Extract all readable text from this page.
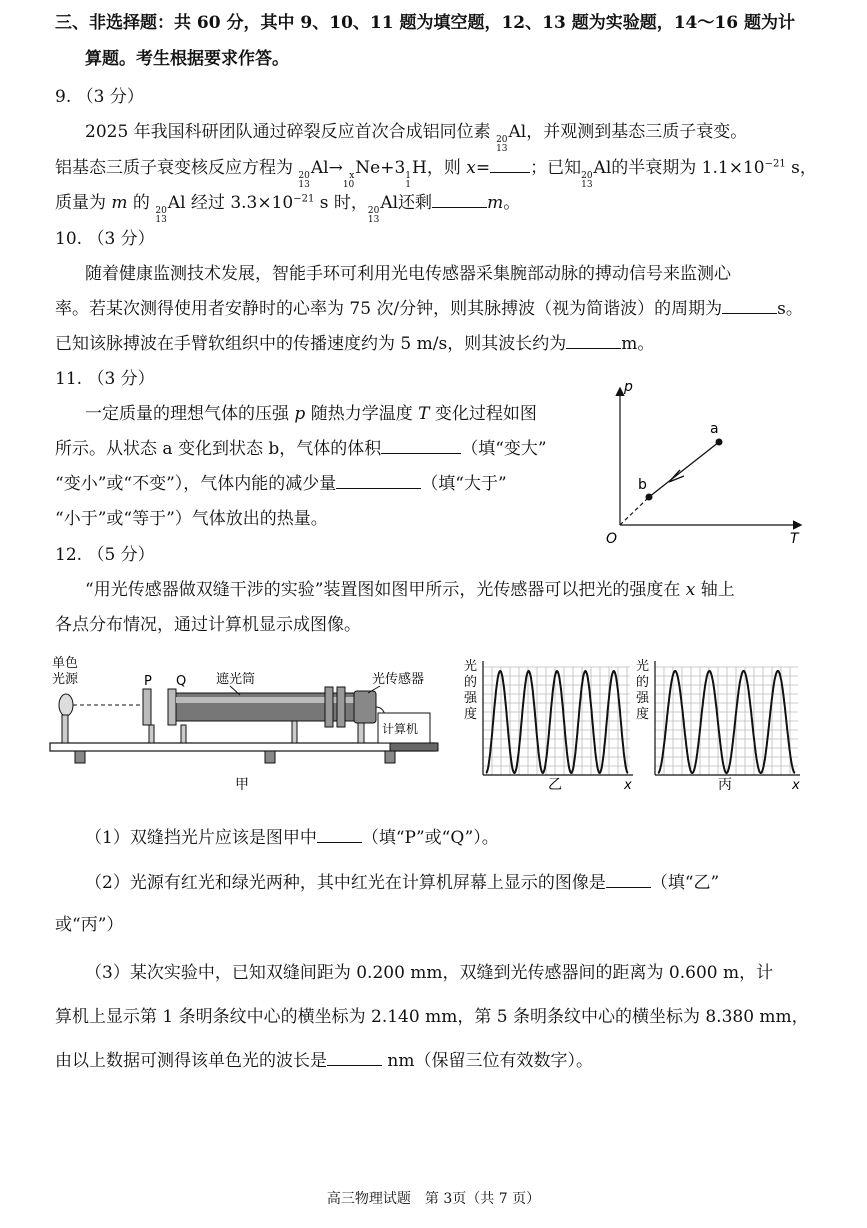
三、非选择题：共 60 分，其中 9、10、11 题为填空题，12、13 题为实验题，14～16 题为计
算题。考生根据要求作答。
9. （3 分）
2025 年我国科研团队通过碎裂反应首次合成铝同位素 20
13
Al，并观测到基态三质子衰变。
铝基态三质子衰变核反应方程为 20
13
Al→ x
10
Ne+3 1
1
H，则 x= ；已知 20
13
Al的半衰期为 $1.1\times 10^{-21}$ s，
质量为 m 的 20
13
Al 经过 $3.3\times 10^{-21}$ s 时， 20
13
Al还剩	m。
10. （3 分）
随着健康监测技术发展，智能手环可利用光电传感器采集腕部动脉的搏动信号来监测心
率。若某次测得使用者安静时的心率为 75 次/分钟，则其脉搏波（视为简谐波）的周期为	s。
已知该脉搏波在手臂软组织中的传播速度约为 5 m/s，则其波长约为	m。
11. （3 分）
一定质量的理想气体的压强 p 随热力学温度 T 变化过程如图
所示。从状态 a 变化到状态 b，气体的体积	（填“变大”
“变小”或“不变”），气体内能的减少量	（填“大于”
“小于”或“等于”）气体放出的热量。
p
T
O
a
b
12. （5 分）
“用光传感器做双缝干涉的实验”装置图如图甲所示，光传感器可以把光的强度在 x 轴上
各点分布情况，通过计算机显示成图像。
单色
光源	P Q 遮光筒	光传感器
计算机
甲
光
的
强
度
x
乙
光
的
强
度
x
丙
（1）双缝挡光片应该是图甲中	（填“P”或“Q”）。
（2）光源有红光和绿光两种，其中红光在计算机屏幕上显示的图像是	（填“乙”
或“丙”）
（3）某次实验中，已知双缝间距为 0.200 mm，双缝到光传感器间的距离为 0.600 m，计
算机上显示第 1 条明条纹中心的横坐标为 2.140 mm，第 5 条明条纹中心的横坐标为 8.380 mm，
由以上数据可测得该单色光的波长是	nm（保留三位有效数字）。
高三物理试题　第 3页（共 7 页）
